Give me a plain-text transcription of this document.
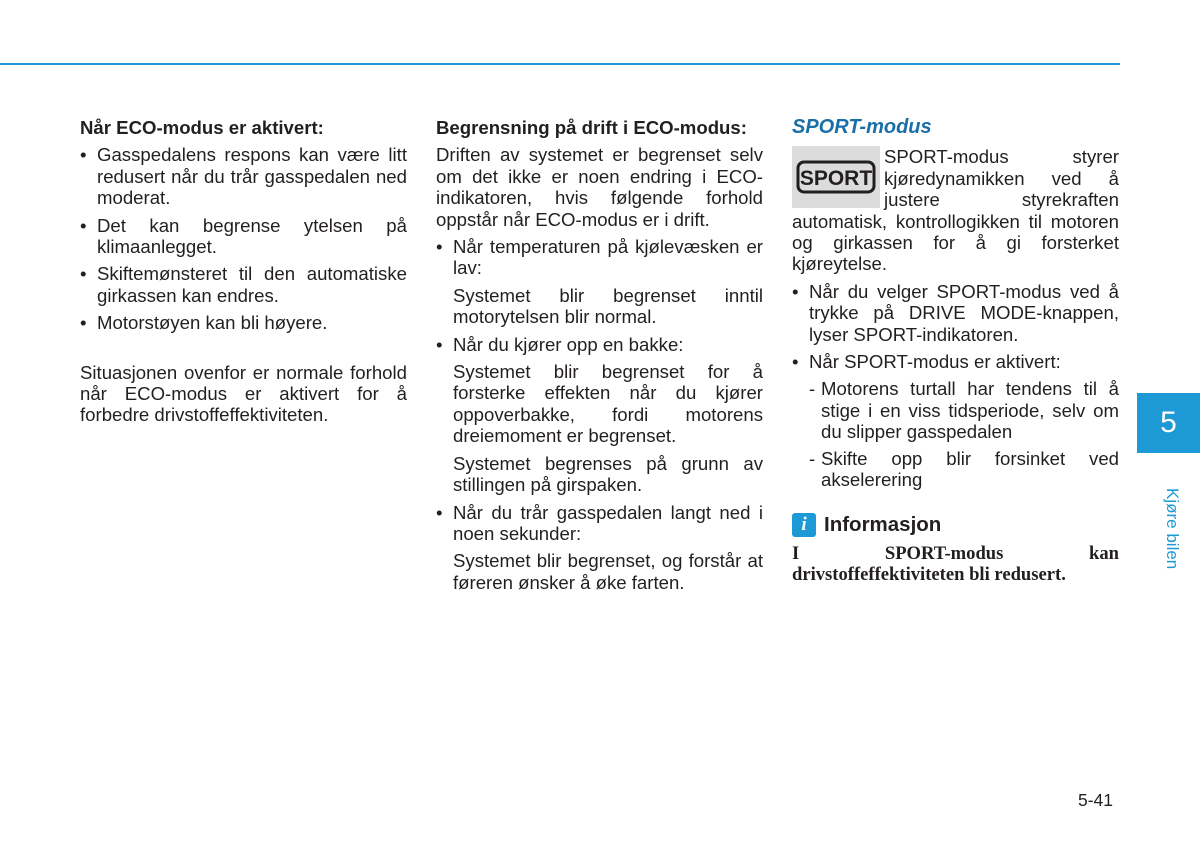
Når ECO-modus er aktivert:

• Gasspedalens respons kan være litt redusert når du trår gasspedalen ned moderat.
• Det kan begrense ytelsen på klimaanlegget.
• Skiftemønsteret til den automatiske girkassen kan endres.
• Motorstøyen kan bli høyere.

Situasjonen ovenfor er normale forhold når ECO-modus er aktivert for å forbedre drivstoffeffektiviteten.

Begrensning på drift i ECO-modus:

Driften av systemet er begrenset selv om det ikke er noen endring i ECO-indikatoren, hvis følgende forhold oppstår når ECO-modus er i drift.

• Når temperaturen på kjølevæsken er lav:
Systemet blir begrenset inntil motorytelsen blir normal.
• Når du kjører opp en bakke:
Systemet blir begrenset for å forsterke effekten når du kjører oppoverbakke, fordi motorens dreiemoment er begrenset.
Systemet begrenses på grunn av stillingen på girspaken.
• Når du trår gasspedalen langt ned i noen sekunder:
Systemet blir begrenset, og forstår at føreren ønsker å øke farten.

SPORT-modus

SPORT
SPORT-modus styrer kjøredynamikken ved å justere styrekraften automatisk, kontrollogikken til motoren og girkassen for å gi forsterket kjøreytelse.
• Når du velger SPORT-modus ved å trykke på DRIVE MODE-knappen, lyser SPORT-indikatoren.
• Når SPORT-modus er aktivert:
- Motorens turtall har tendens til å stige i en viss tidsperiode, selv om du slipper gasspedalen
- Skifte opp blir forsinket ved akselerering
i Informasjon

I SPORT-modus kan drivstoffeffektiviteten bli redusert.

5
Kjøre bilen
5-41
